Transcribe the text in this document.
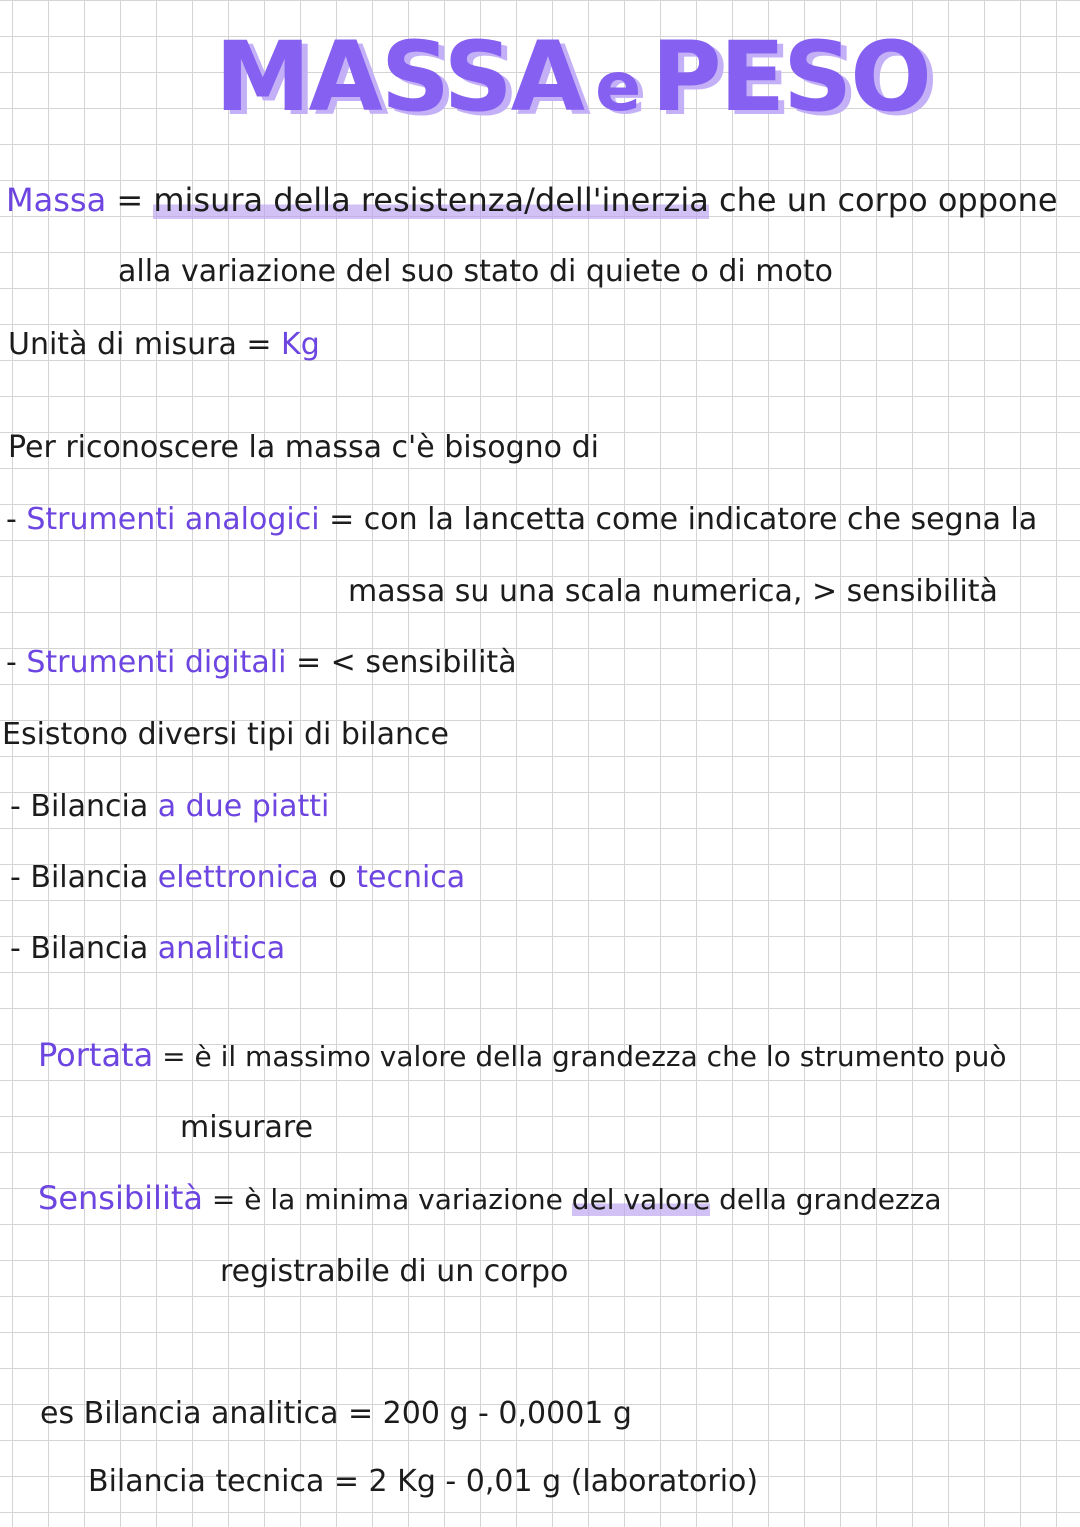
MASSA e PESO
Massa = misura della resistenza/dell'inerzia che un corpo oppone
alla variazione del suo stato di quiete o di moto
Unità di misura = Kg
Per riconoscere la massa c'è bisogno di
- Strumenti analogici = con la lancetta come indicatore che segna la
massa su una scala numerica, > sensibilità
- Strumenti digitali = < sensibilità
Esistono diversi tipi di bilance
- Bilancia a due piatti
- Bilancia elettronica o tecnica
- Bilancia analitica
Portata = è il massimo valore della grandezza che lo strumento può
misurare
Sensibilità = è la minima variazione del valore della grandezza
registrabile di un corpo
es Bilancia analitica = 200 g - 0,0001 g
Bilancia tecnica = 2 Kg - 0,01 g (laboratorio)
